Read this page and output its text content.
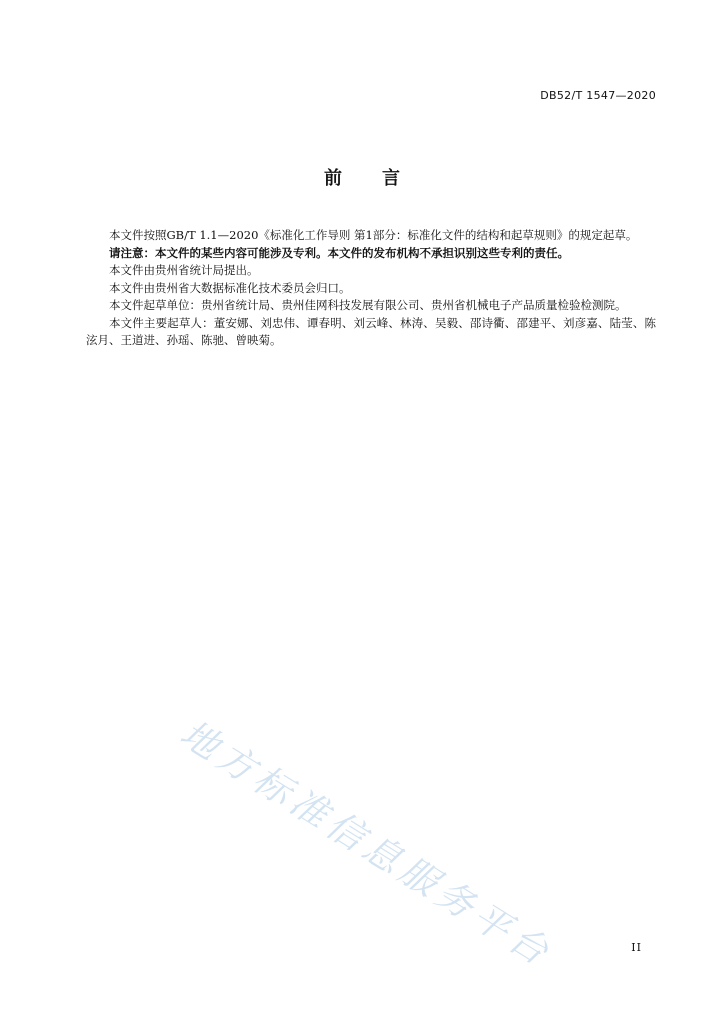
DB52/T 1547—2020
前 言

本文件按照GB/T 1.1—2020《标准化工作导则 第1部分：标准化文件的结构和起草规则》的规定起草。

请注意：本文件的某些内容可能涉及专利。本文件的发布机构不承担识别这些专利的责任。

本文件由贵州省统计局提出。

本文件由贵州省大数据标准化技术委员会归口。

本文件起草单位：贵州省统计局、贵州佳网科技发展有限公司、贵州省机械电子产品质量检验检测院。

本文件主要起草人：董安娜、刘忠伟、谭春明、刘云峰、林涛、吴毅、邵诗衢、邵建平、刘彦嘉、陆莹、陈泫月、王道进、孙瑶、陈驰、曾映菊。

地方标准信息服务平台	II
